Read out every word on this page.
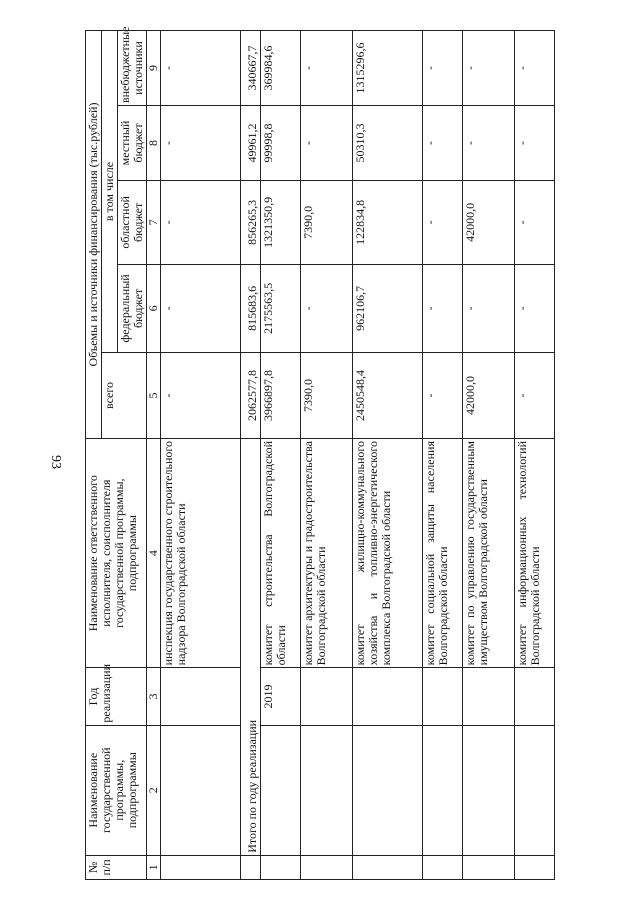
93
№ п/п	Наименование государственной программы, подпрограммы	Год реализации	Наименование ответственного исполнителя, соисполнителя государственной программы, подпрограммы	Объемы и источники финансирования (тыс.рублей)				
				всего	в том числе			
					федеральный бюджет	областной бюджет	местный бюджет	внебюджетные источники
1	2	3	4	5	6	7	8	9
			инспекция государственного строительного надзора Волгоградской области	-	-	-	-	-
	Итого по году реализации			2062577,8	815683,6	856265,3	49961,2	340667,7
		2019	комитет строительства Волгоградской области	3966897,8	2175563,5	1321350,9	99998,8	369984,6
			комитет архитектуры и градостроительства Волгоградской области	7390,0	-	7390,0	-	-
			комитет жилищно-коммунального хозяйства и топливно-энергетического комплекса Волгоградской области	2450548,4	962106,7	122834,8	50310,3	1315296,6
			комитет социальной защиты населения Волгоградской области	-	-	-	-	-
			комитет по управлению государственным имуществом Волгоградской области	42000,0	-	42000,0	-	-
			комитет информационных технологий Волгоградской области	-	-	-	-	-
